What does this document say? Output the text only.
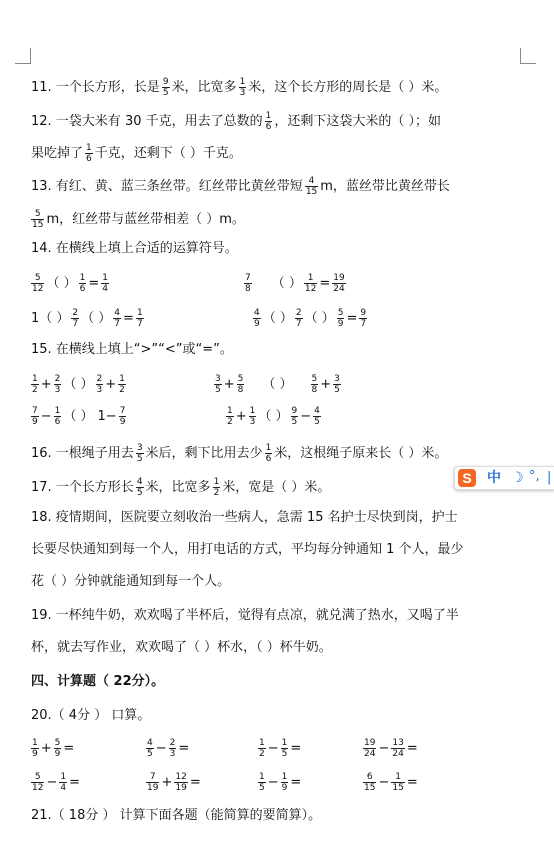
11. 一个长方形，长是 $\frac{9}{5}$ 米，比宽多 $\frac{1}{3}$ 米，这个长方形的周长是（ ）米。
12. 一袋大米有 30 千克，用去了总数的 $\frac{1}{6}$ ，还剩下这袋大米的（ ）；如
果吃掉了 $\frac{1}{6}$ 千克，还剩下（ ）千克。
13. 有红、黄、蓝三条丝带。红丝带比黄丝带短 $\frac{4}{15}$ m，蓝丝带比黄丝带长
$\frac{5}{15}$ m，红丝带与蓝丝带相差（ ）m。
14. 在横线上填上合适的运算符号。
$\frac{5}{12}$ （ ） $\frac{1}{6} = \frac{1}{4}$	$\frac{7}{8}$ （ ） $\frac{1}{12} = \frac{19}{24}$
1（ ） $\frac{2}{7}$ （ ） $\frac{4}{7} = \frac{1}{7}$	$\frac{4}{9}$ （ ） $\frac{2}{7}$ （ ） $\frac{5}{9} = \frac{9}{7}$
15. 在横线上填上“>”“<”或“=”。
$\frac{1}{2} + \frac{2}{3}$ （ ） $\frac{2}{3} + \frac{1}{2}$	$\frac{3}{5} + \frac{5}{8}$ （ ） $\frac{5}{8} + \frac{3}{5}$
$\frac{7}{9} - \frac{1}{6}$ （ ） $1- \frac{7}{9}$	$\frac{1}{2} + \frac{1}{3}$ （ ） $\frac{9}{5} - \frac{4}{5}$
16. 一根绳子用去 $\frac{3}{5}$ 米后，剩下比用去少 $\frac{1}{6}$ 米，这根绳子原来长（ ）米。
17. 一个长方形长 $\frac{4}{5}$ 米，比宽多 $\frac{1}{2}$ 米，宽是（ ）米。
18. 疫情期间，医院要立刻收治一些病人，急需 15 名护士尽快到岗，护士
长要尽快通知到每一个人，用打电话的方式，平均每分钟通知 1 个人，最少
花（ ）分钟就能通知到每一个人。
19. 一杯纯牛奶，欢欢喝了半杯后，觉得有点凉，就兑满了热水，又喝了半
杯，就去写作业，欢欢喝了（ ）杯水，（ ）杯牛奶。
四、计算题（ 22分）。
20.（ 4分 ） 口算。
$\frac{1}{9} + \frac{5}{9}$ =	$\frac{4}{5} - \frac{2}{3}$ =	$\frac{1}{2} - \frac{1}{5}$ =	$\frac{19}{24} - \frac{13}{24}$ =
$\frac{5}{12} - \frac{1}{4}$ =	$\frac{7}{19} + \frac{12}{19}$ =	$\frac{1}{5} - \frac{1}{9}$ =	$\frac{6}{15} - \frac{1}{15}$ =
21.（ 18分 ） 计算下面各题（能简算的要简算）。
S	中 ☽ °, |
